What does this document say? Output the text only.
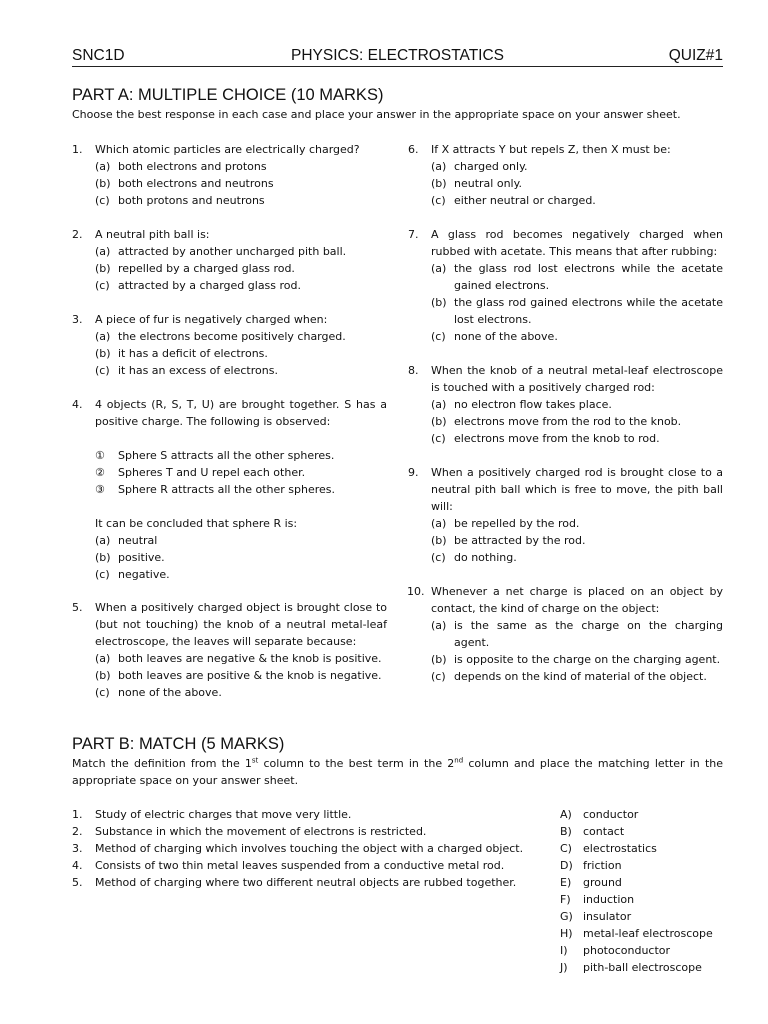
SNC1D	PHYSICS: ELECTROSTATICS	QUIZ#1
PART A: MULTIPLE CHOICE (10 MARKS)
Choose the best response in each case and place your answer in the appropriate space on your answer sheet.
1. Which atomic particles are electrically charged?
(a) both electrons and protons
(b) both electrons and neutrons
(c) both protons and neutrons
2. A neutral pith ball is:
(a) attracted by another uncharged pith ball.
(b) repelled by a charged glass rod.
(c) attracted by a charged glass rod.
3. A piece of fur is negatively charged when:
(a) the electrons become positively charged.
(b) it has a deficit of electrons.
(c) it has an excess of electrons.
4. 4 objects (R, S, T, U) are brought together. S has a positive charge. The following is observed:
① Sphere S attracts all the other spheres.
② Spheres T and U repel each other.
③ Sphere R attracts all the other spheres.
It can be concluded that sphere R is:
(a) neutral
(b) positive.
(c) negative.
5. When a positively charged object is brought close to (but not touching) the knob of a neutral metal-leaf electroscope, the leaves will separate because:
(a) both leaves are negative & the knob is positive.
(b) both leaves are positive & the knob is negative.
(c) none of the above.
6. If X attracts Y but repels Z, then X must be:
(a) charged only.
(b) neutral only.
(c) either neutral or charged.
7. A glass rod becomes negatively charged when rubbed with acetate. This means that after rubbing:
(a) the glass rod lost electrons while the acetate gained electrons.
(b) the glass rod gained electrons while the acetate lost electrons.
(c) none of the above.
8. When the knob of a neutral metal-leaf electroscope is touched with a positively charged rod:
(a) no electron flow takes place.
(b) electrons move from the rod to the knob.
(c) electrons move from the knob to rod.
9. When a positively charged rod is brought close to a neutral pith ball which is free to move, the pith ball will:
(a) be repelled by the rod.
(b) be attracted by the rod.
(c) do nothing.
10. Whenever a net charge is placed on an object by contact, the kind of charge on the object:
(a) is the same as the charge on the charging agent.
(b) is opposite to the charge on the charging agent.
(c) depends on the kind of material of the object.
PART B: MATCH (5 MARKS)
Match the definition from the 1st column to the best term in the 2nd column and place the matching letter in the appropriate space on your answer sheet.
1. Study of electric charges that move very little.
2. Substance in which the movement of electrons is restricted.
3. Method of charging which involves touching the object with a charged object.
4. Consists of two thin metal leaves suspended from a conductive metal rod.
5. Method of charging where two different neutral objects are rubbed together.
A) conductor
B) contact
C) electrostatics
D) friction
E) ground
F) induction
G) insulator
H) metal-leaf electroscope
I) photoconductor
J) pith-ball electroscope
